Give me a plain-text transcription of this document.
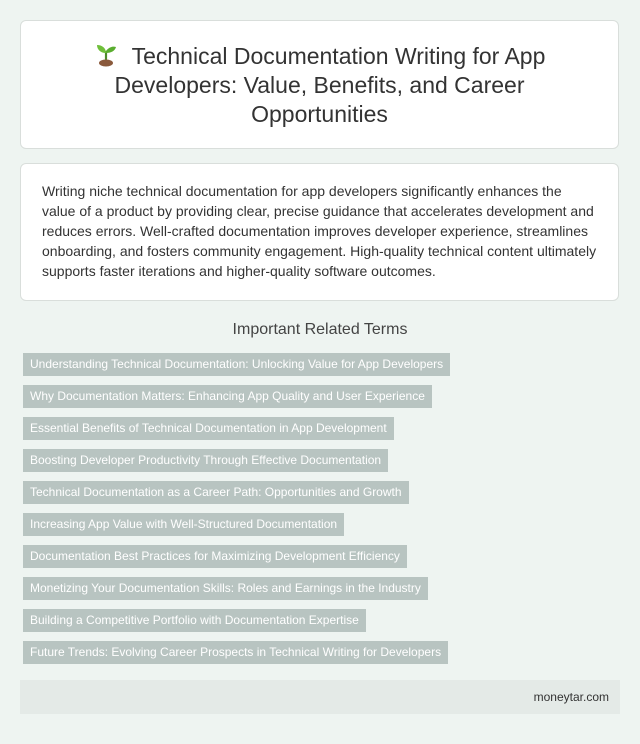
Technical Documentation Writing for App Developers: Value, Benefits, and Career Opportunities

Writing niche technical documentation for app developers significantly enhances the value of a product by providing clear, precise guidance that accelerates development and reduces errors. Well-crafted documentation improves developer experience, streamlines onboarding, and fosters community engagement. High-quality technical content ultimately supports faster iterations and higher-quality software outcomes.

Important Related Terms
Understanding Technical Documentation: Unlocking Value for App Developers
Why Documentation Matters: Enhancing App Quality and User Experience
Essential Benefits of Technical Documentation in App Development
Boosting Developer Productivity Through Effective Documentation
Technical Documentation as a Career Path: Opportunities and Growth
Increasing App Value with Well-Structured Documentation
Documentation Best Practices for Maximizing Development Efficiency
Monetizing Your Documentation Skills: Roles and Earnings in the Industry
Building a Competitive Portfolio with Documentation Expertise
Future Trends: Evolving Career Prospects in Technical Writing for Developers
moneytar.com
